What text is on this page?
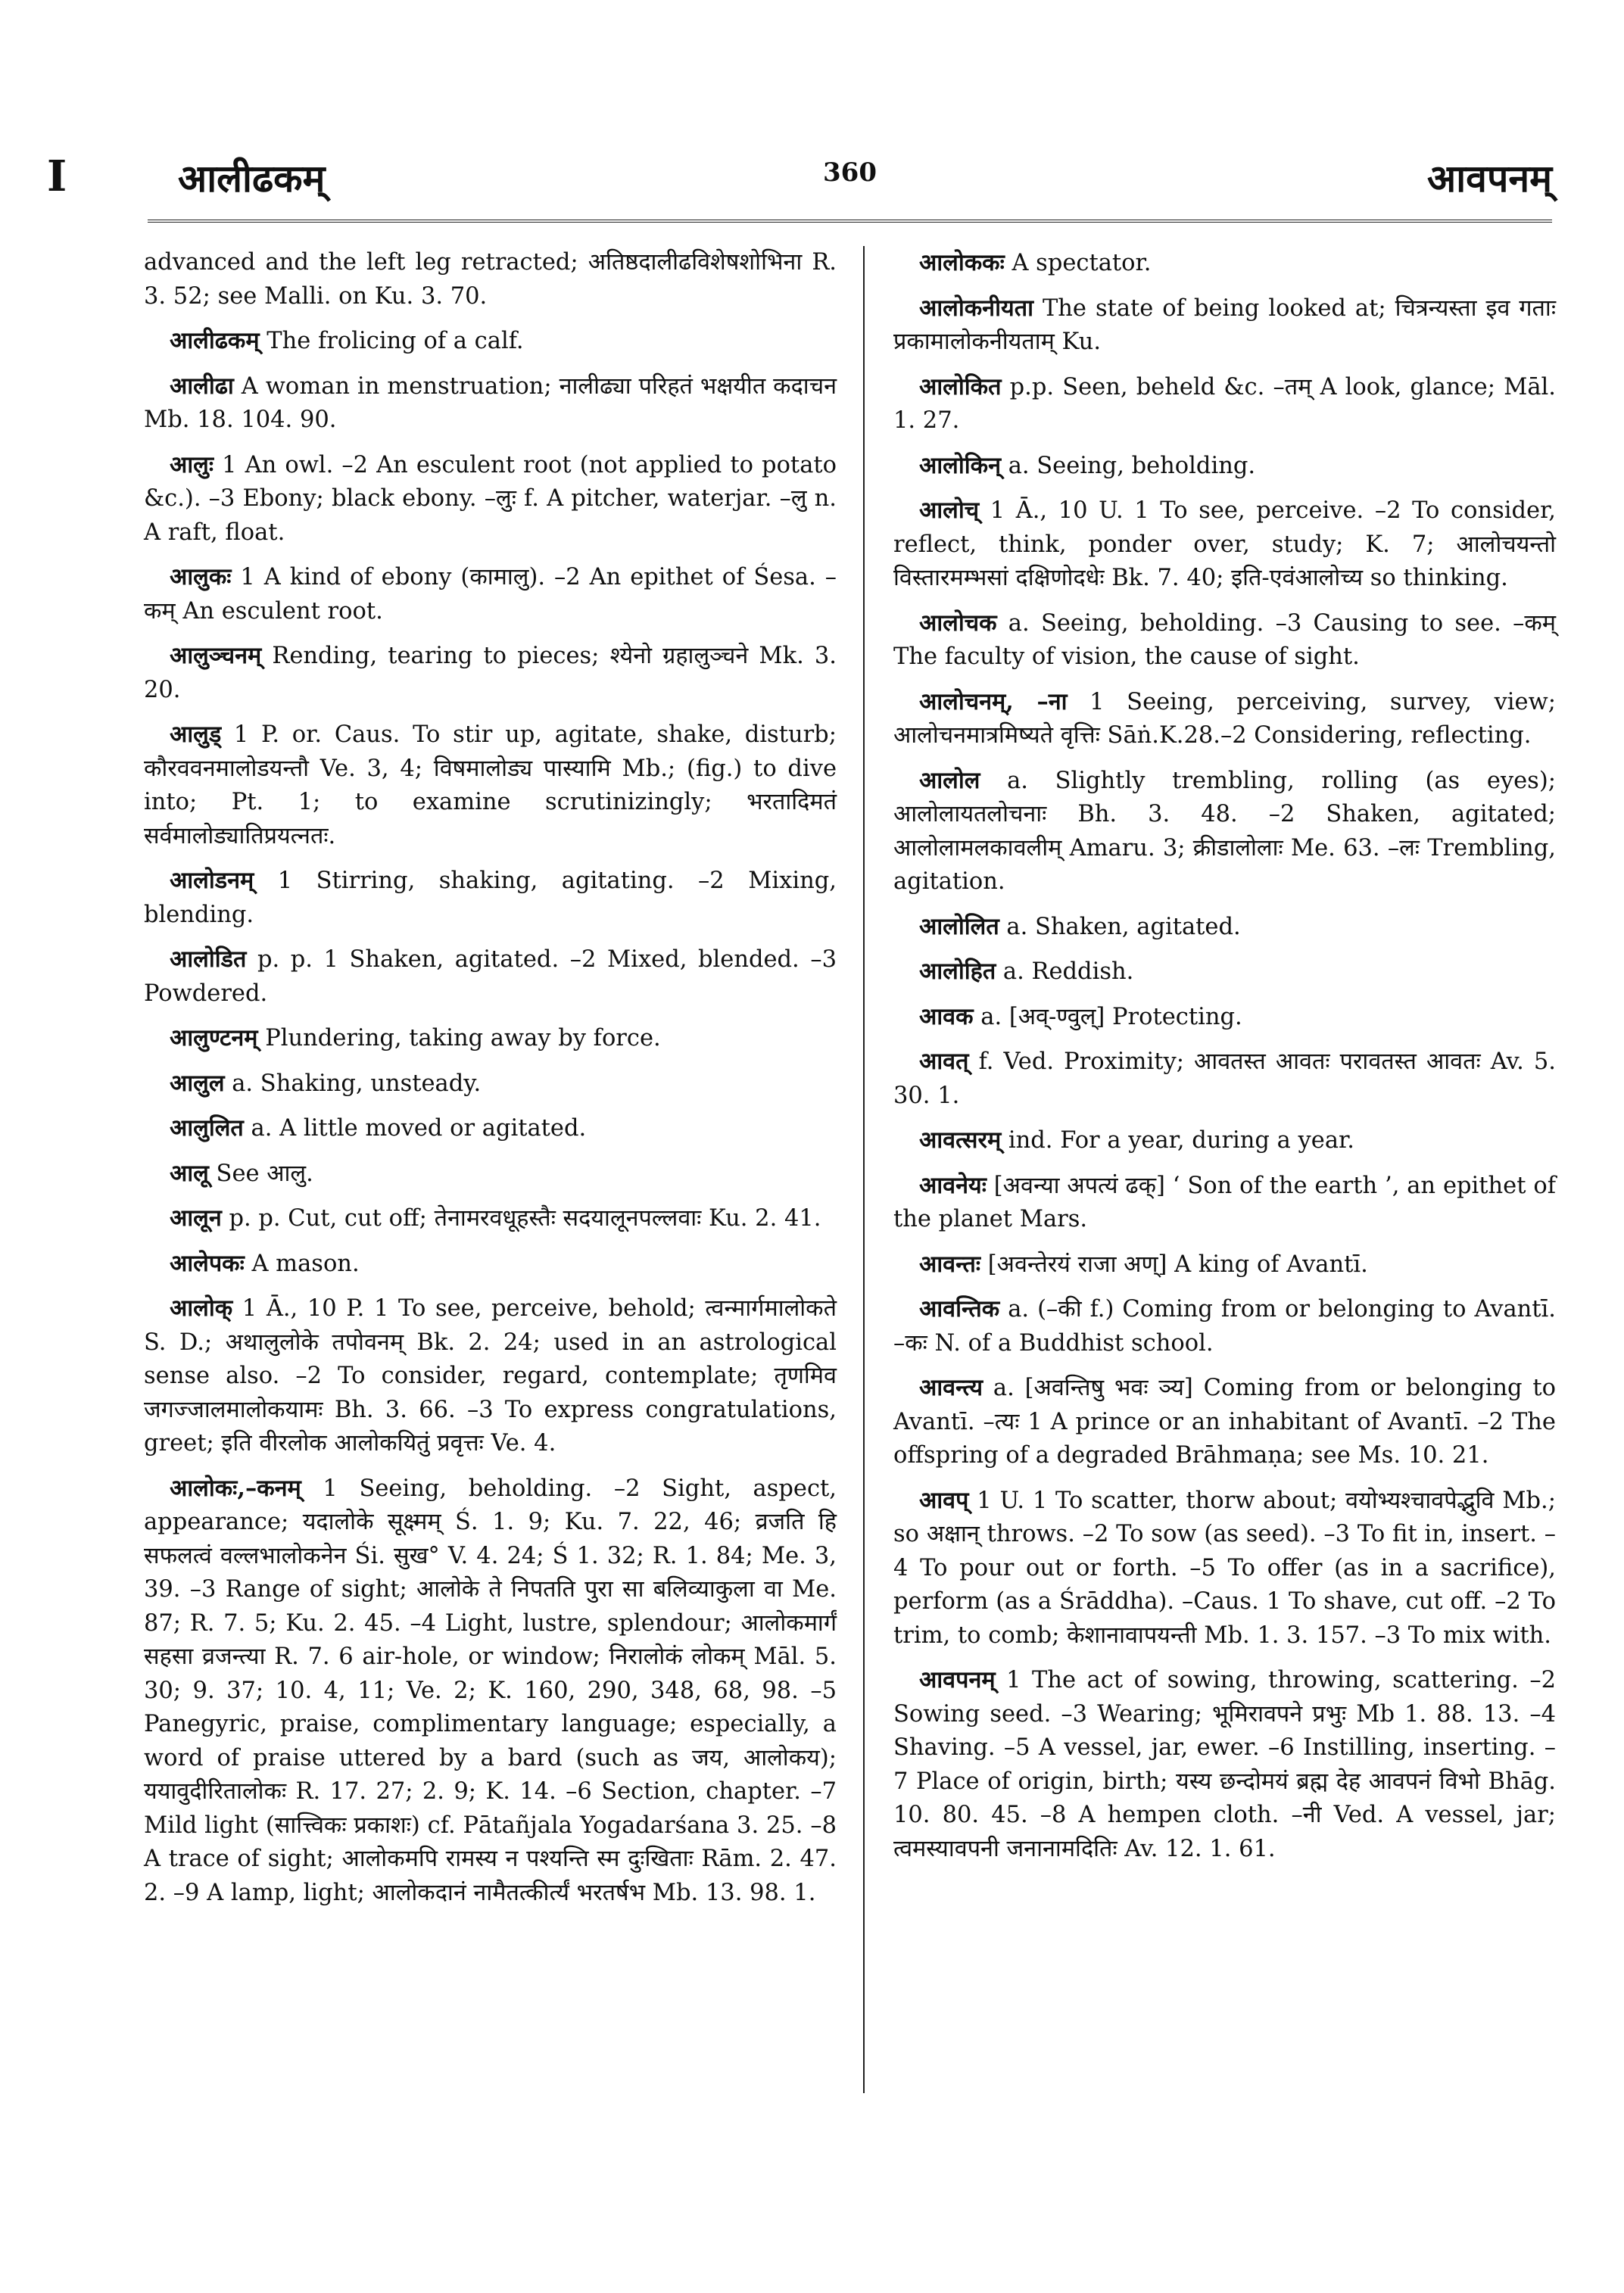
I	आलीढकम्	360	आवपनम्

advanced and the left leg retracted; अतिष्ठदालीढविशेषशोभिना R. 3. 52; see Malli. on Ku. 3. 70.

आलीढकम् The frolicing of a calf.

आलीढा A woman in menstruation; नालीढ्या परिहतं भक्षयीत कदाचन Mb. 18. 104. 90.

आलुः 1 An owl. –2 An esculent root (not applied to potato &c.). –3 Ebony; black ebony. –लुः f. A pitcher, waterjar. –लु n. A raft, float.

आलुकः 1 A kind of ebony (कामालु). –2 An epithet of Śesa. –कम् An esculent root.

आलुञ्चनम् Rending, tearing to pieces; श्येनो ग्रहालुञ्चने Mk. 3. 20.

आलुड् 1 P. or. Caus. To stir up, agitate, shake, disturb; कौरववनमालोडयन्तौ Ve. 3, 4; विषमालोड्य पास्यामि Mb.; (fig.) to dive into; Pt. 1; to examine scrutinizingly; भरतादिमतं सर्वमालोड्यातिप्रयत्नतः.

आलोडनम् 1 Stirring, shaking, agitating. –2 Mixing, blending.

आलोडित p. p. 1 Shaken, agitated. –2 Mixed, blended. –3 Powdered.

आलुण्टनम् Plundering, taking away by force.

आलुल a. Shaking, unsteady.

आलुलित a. A little moved or agitated.

आलू See आलु.

आलून p. p. Cut, cut off; तेनामरवधूहस्तैः सदयालूनपल्लवाः Ku. 2. 41.

आलेपकः A mason.

आलोक् 1 Ā., 10 P. 1 To see, perceive, behold; त्वन्मार्गमालोकते S. D.; अथालुलोके तपोवनम् Bk. 2. 24; used in an astrological sense also. –2 To consider, regard, contemplate; तृणमिव जगज्जालमालोकयामः Bh. 3. 66. –3 To express congratulations, greet; इति वीरलोक आलोकयितुं प्रवृत्तः Ve. 4.

आलोकः,–कनम् 1 Seeing, beholding. –2 Sight, aspect, appearance; यदालोके सूक्ष्मम् Ś. 1. 9; Ku. 7. 22, 46; व्रजति हि सफलत्वं वल्लभालोकनेन Śi. सुख° V. 4. 24; Ś 1. 32; R. 1. 84; Me. 3, 39. –3 Range of sight; आलोके ते निपतति पुरा सा बलिव्याकुला वा Me. 87; R. 7. 5; Ku. 2. 45. –4 Light, lustre, splendour; आलोकमार्गं सहसा व्रजन्त्या R. 7. 6 air-hole, or window; निरालोकं लोकम् Māl. 5. 30; 9. 37; 10. 4, 11; Ve. 2; K. 160, 290, 348, 68, 98. –5 Panegyric, praise, complimentary language; especially, a word of praise uttered by a bard (such as जय, आलोकय); ययावुदीरितालोकः R. 17. 27; 2. 9; K. 14. –6 Section, chapter. –7 Mild light (सात्त्विकः प्रकाशः) cf. Pātañjala Yogadarśana 3. 25. –8 A trace of sight; आलोकमपि रामस्य न पश्यन्ति स्म दुःखिताः Rām. 2. 47. 2. –9 A lamp, light; आलोकदानं नामैतत्कीर्त्यं भरतर्षभ Mb. 13. 98. 1.

आलोककः A spectator.

आलोकनीयता The state of being looked at; चित्रन्यस्ता इव गताः प्रकामालोकनीयताम् Ku.

आलोकित p.p. Seen, beheld &c. –तम् A look, glance; Māl. 1. 27.

आलोकिन् a. Seeing, beholding.

आलोच् 1 Ā., 10 U. 1 To see, perceive. –2 To consider, reflect, think, ponder over, study; K. 7; आलोचयन्तो विस्तारमम्भसां दक्षिणोदधेः Bk. 7. 40; इति-एवंआलोच्य so thinking.

आलोचक a. Seeing, beholding. –3 Causing to see. –कम् The faculty of vision, the cause of sight.

आलोचनम्, –ना 1 Seeing, perceiving, survey, view; आलोचनमात्रमिष्यते वृत्तिः Sāṅ.K.28.–2 Considering, reflecting.

आलोल a. Slightly trembling, rolling (as eyes); आलोलायतलोचनाः Bh. 3. 48. –2 Shaken, agitated; आलोलामलकावलीम् Amaru. 3; क्रीडालोलाः Me. 63. –लः Trembling, agitation.

आलोलित a. Shaken, agitated.

आलोहित a. Reddish.

आवक a. [अव्-ण्वुल्] Protecting.

आवत् f. Ved. Proximity; आवतस्त आवतः परावतस्त आवतः Av. 5. 30. 1.

आवत्सरम् ind. For a year, during a year.

आवनेयः [अवन्या अपत्यं ढक्] ‘ Son of the earth ’, an epithet of the planet Mars.

आवन्तः [अवन्तेरयं राजा अण्] A king of Avantī.

आवन्तिक a. (–की f.) Coming from or belonging to Avantī. –कः N. of a Buddhist school.

आवन्त्य a. [अवन्तिषु भवः ञ्य] Coming from or belonging to Avantī. –त्यः 1 A prince or an inhabitant of Avantī. –2 The offspring of a degraded Brāhmaṇa; see Ms. 10. 21.

आवप् 1 U. 1 To scatter, thorw about; वयोभ्यश्चावपेद्भुवि Mb.; so अक्षान् throws. –2 To sow (as seed). –3 To fit in, insert. –4 To pour out or forth. –5 To offer (as in a sacrifice), perform (as a Śrāddha). –Caus. 1 To shave, cut off. –2 To trim, to comb; केशानावापयन्ती Mb. 1. 3. 157. –3 To mix with.

आवपनम् 1 The act of sowing, throwing, scattering. –2 Sowing seed. –3 Wearing; भूमिरावपने प्रभुः Mb 1. 88. 13. –4 Shaving. –5 A vessel, jar, ewer. –6 Instilling, inserting. –7 Place of origin, birth; यस्य छन्दोमयं ब्रह्म देह आवपनं विभो Bhāg. 10. 80. 45. –8 A hempen cloth. –नी Ved. A vessel, jar; त्वमस्यावपनी जनानामदितिः Av. 12. 1. 61.
